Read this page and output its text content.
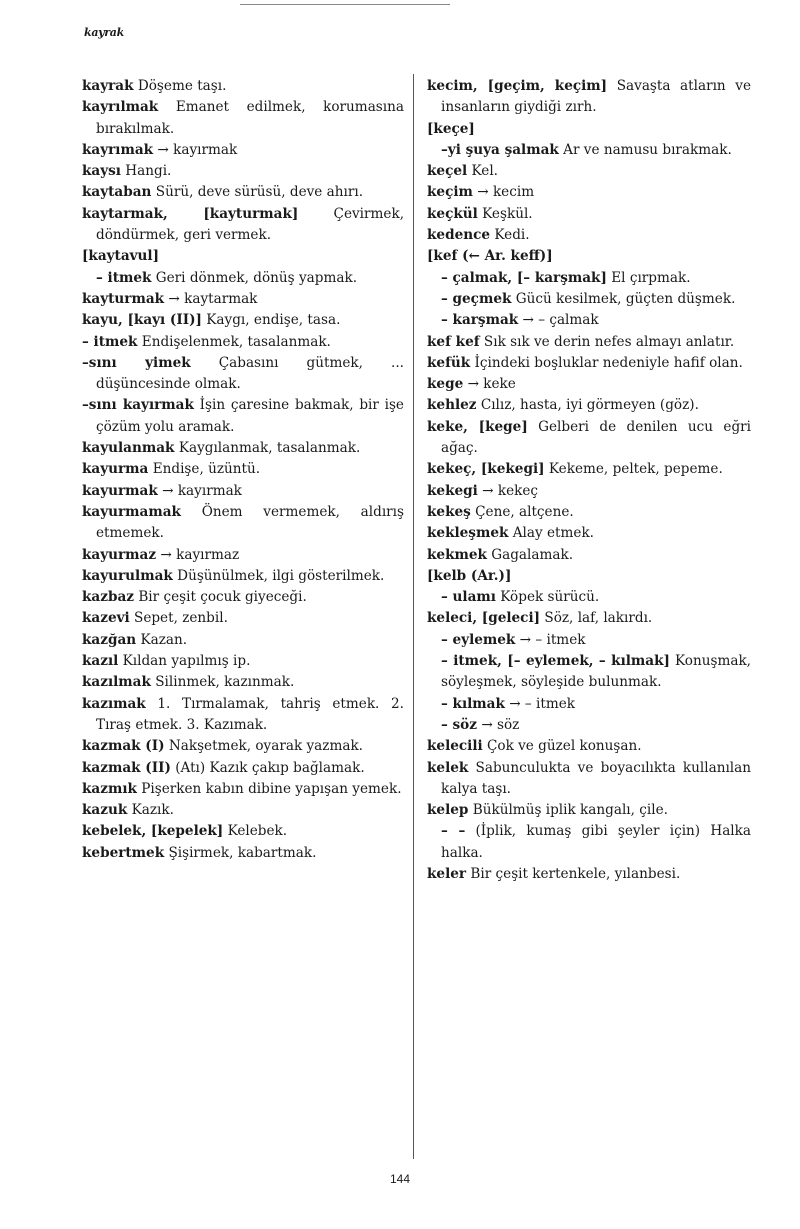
kayrak

kayrak Döşeme taşı.

kayrılmak Emanet edilmek, korumasına bırakılmak.

kayrımak → kayırmak

kaysı Hangi.

kaytaban Sürü, deve sürüsü, deve ahırı.

kaytarmak, [kayturmak]	Çevirmek, döndürmek, geri vermek.

[kaytavul]

– itmek Geri dönmek, dönüş yapmak.

kayturmak → kaytarmak

kayu, [kayı (II)] Kaygı, endişe, tasa.

– itmek Endişelenmek, tasalanmak.

–sını yimek Çabasını gütmek, ... düşüncesinde olmak.

–sını kayırmak İşin çaresine bakmak, bir işe çözüm yolu aramak.

kayulanmak Kaygılanmak, tasalanmak.

kayurma Endişe, üzüntü.

kayurmak → kayırmak

kayurmamak Önem vermemek, aldırış etmemek.

kayurmaz → kayırmaz

kayurulmak Düşünülmek, ilgi gösterilmek.

kazbaz Bir çeşit çocuk giyeceği.

kazevi Sepet, zenbil.

kazğan Kazan.

kazıl Kıldan yapılmış ip.

kazılmak Silinmek, kazınmak.

kazımak 1. Tırmalamak, tahriş etmek. 2. Tıraş etmek. 3. Kazımak.

kazmak (I) Nakşetmek, oyarak yazmak.

kazmak (II) (Atı) Kazık çakıp bağlamak.

kazmık Pişerken kabın dibine yapışan yemek.

kazuk Kazık.

kebelek, [kepelek] Kelebek.

kebertmek Şişirmek, kabartmak.

kecim, [geçim, keçim] Savaşta atların ve insanların giydiği zırh.

[keçe]

–yi şuya şalmak Ar ve namusu bırakmak.

keçel Kel.

keçim → kecim

keçkül Keşkül.

kedence Kedi.

[kef (← Ar. keff)]

– çalmak, [– karşmak] El çırpmak.

– geçmek Gücü kesilmek, güçten düşmek.

– karşmak → – çalmak

kef kef Sık sık ve derin nefes almayı anlatır.

kefük İçindeki boşluklar nedeniyle hafif olan.

kege → keke

kehlez Cılız, hasta, iyi görmeyen (göz).

keke, [kege] Gelberi de denilen ucu eğri ağaç.

kekeç, [kekegi] Kekeme, peltek, pepeme.

kekegi → kekeç

kekeş Çene, altçene.

keklеşmek Alay etmek.

kekmek Gagalamak.

[kelb (Ar.)]

– ulamı Köpek sürücü.

kelеci, [geleci] Söz, laf, lakırdı.

– eylemek → – itmek

– itmek, [– eylemek, – kılmak] Konuşmak, söyleşmek, söyleşide bulunmak.

– kılmak → – itmek

– söz → söz

kelecili Çok ve güzel konuşan.

kelek Sabunculukta ve boyacılıkta kullanılan kalya taşı.

kelep Bükülmüş iplik kangalı, çile.

– – (İplik, kumaş gibi şeyler için) Halka halka.

keler Bir çeşit kertenkele, yılanbesi.

144
